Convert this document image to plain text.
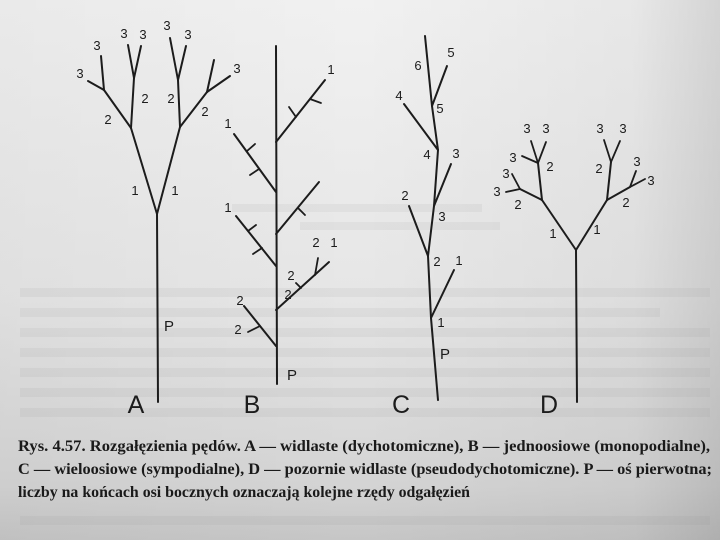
3
3 3
3
3
3	3
2
2 2
2
1	1
P
A
1
1
1
2 1
2
2
2
2
P
B
6
5
4
5
4 3
2
3
2 1
1
P
C
3 3
3
2
3
3
2
1	1
3 3
2 3
3
2
D
Rys. 4.57. Rozgałęzienia pędów. A — widlaste (dychotomiczne), B — jednoosiowe (monopodialne),
C — wieloosiowe (sympodialne), D — pozornie widlaste (pseudodychotomiczne). P — oś pierwotna;
liczby na końcach osi bocznych oznaczają kolejne rzędy odgałęzień
